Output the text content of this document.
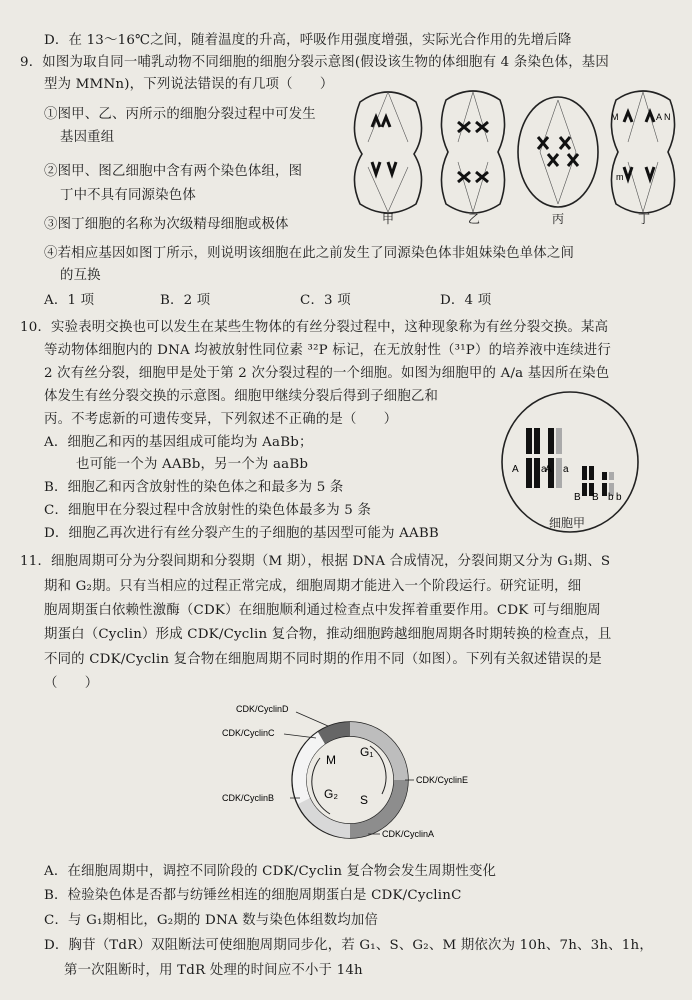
D．在 13～16℃之间，随着温度的升高，呼吸作用强度增强，实际光合作用的先增后降
9．如图为取自同一哺乳动物不同细胞的细胞分裂示意图(假设该生物的体细胞有 4 条染色体，基因
型为 MMNn)，下列说法错误的有几项（　　）
①图甲、乙、丙所示的细胞分裂过程中可发生
基因重组
②图甲、图乙细胞中含有两个染色体组，图
丁中不具有同源染色体
③图丁细胞的名称为次级精母细胞或极体
④若相应基因如图丁所示，则说明该细胞在此之前发生了同源染色体非姐妹染色单体之间
的互换
A．1 项	B．2 项	C．3 项	D．4 项
M	A N
m
甲	乙	丙	丁
10．实验表明交换也可以发生在某些生物体的有丝分裂过程中，这种现象称为有丝分裂交换。某高
等动物体细胞内的 DNA 均被放射性同位素 ³²P 标记，在无放射性（³¹P）的培养液中连续进行
2 次有丝分裂，细胞甲是处于第 2 次分裂过程的一个细胞。如图为细胞甲的 A/a 基因所在染色
体发生有丝分裂交换的示意图。细胞甲继续分裂后得到子细胞乙和
丙。不考虑新的可遗传变异，下列叙述不正确的是（　　）
A．细胞乙和丙的基因组成可能均为 AaBb；
也可能一个为 AABb，另一个为 aaBb
B．细胞乙和丙含放射性的染色体之和最多为 5 条
C．细胞甲在分裂过程中含放射性的染色体最多为 5 条
D．细胞乙再次进行有丝分裂产生的子细胞的基因型可能为 AABB
A a
A a
B B b b
细胞甲
11．细胞周期可分为分裂间期和分裂期（M 期），根据 DNA 合成情况，分裂间期又分为 G₁期、S
期和 G₂期。只有当相应的过程正常完成，细胞周期才能进入一个阶段运行。研究证明，细
胞周期蛋白依赖性激酶（CDK）在细胞顺利通过检查点中发挥着重要作用。CDK 可与细胞周
期蛋白（Cyclin）形成 CDK/Cyclin 复合物，推动细胞跨越细胞周期各时期转换的检查点，且
不同的 CDK/Cyclin 复合物在细胞周期不同时期的作用不同（如图）。下列有关叙述错误的是
（　　）
M
G₁
G₂ S
CDK/CyclinD
CDK/CyclinC
CDK/CyclinE
CDK/CyclinB
CDK/CyclinA
A．在细胞周期中，调控不同阶段的 CDK/Cyclin 复合物会发生周期性变化
B．检验染色体是否都与纺锤丝相连的细胞周期蛋白是 CDK/CyclinC
C．与 G₁期相比，G₂期的 DNA 数与染色体组数均加倍
D．胸苷（TdR）双阻断法可使细胞周期同步化，若 G₁、S、G₂、M 期依次为 10h、7h、3h、1h，
第一次阻断时，用 TdR 处理的时间应不小于 14h
